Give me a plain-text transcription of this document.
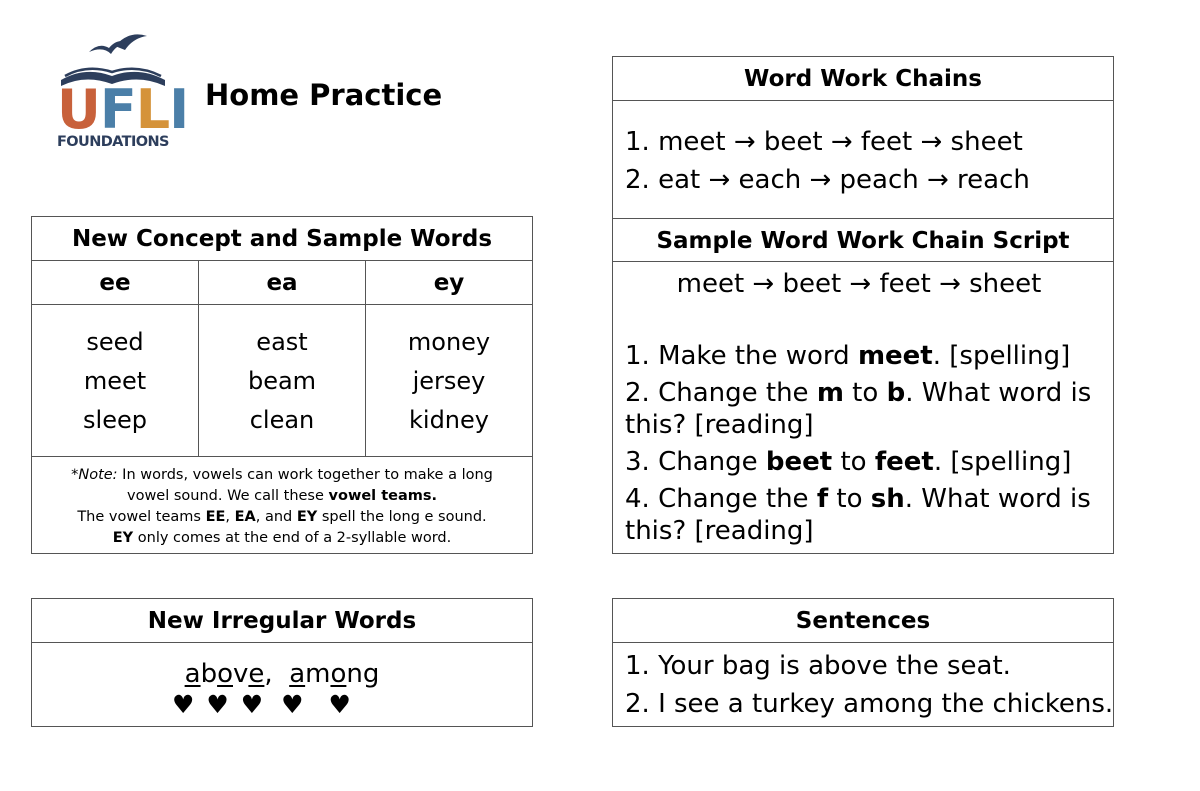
UFLI
FOUNDATIONS
Home Practice
New Concept and Sample Words
ee
seed
meet
sleep
ea
east
beam
clean
ey
money
jersey
kidney
*Note: In words, vowels can work together to make a long
vowel sound. We call these vowel teams.
The vowel teams EE, EA, and EY spell the long e sound.
EY only comes at the end of a 2-syllable word.
New Irregular Words
above, among
♥ ♥ ♥ ♥ ♥
Word Work Chains
1. meet → beet → feet → sheet
2. eat → each → peach → reach
Sample Word Work Chain Script
meet → beet → feet → sheet
1. Make the word meet. [spelling]
2. Change the m to b. What word is this? [reading]
3. Change beet to feet. [spelling]
4. Change the f to sh. What word is this? [reading]
Sentences
1. Your bag is above the seat.
2. I see a turkey among the chickens.
